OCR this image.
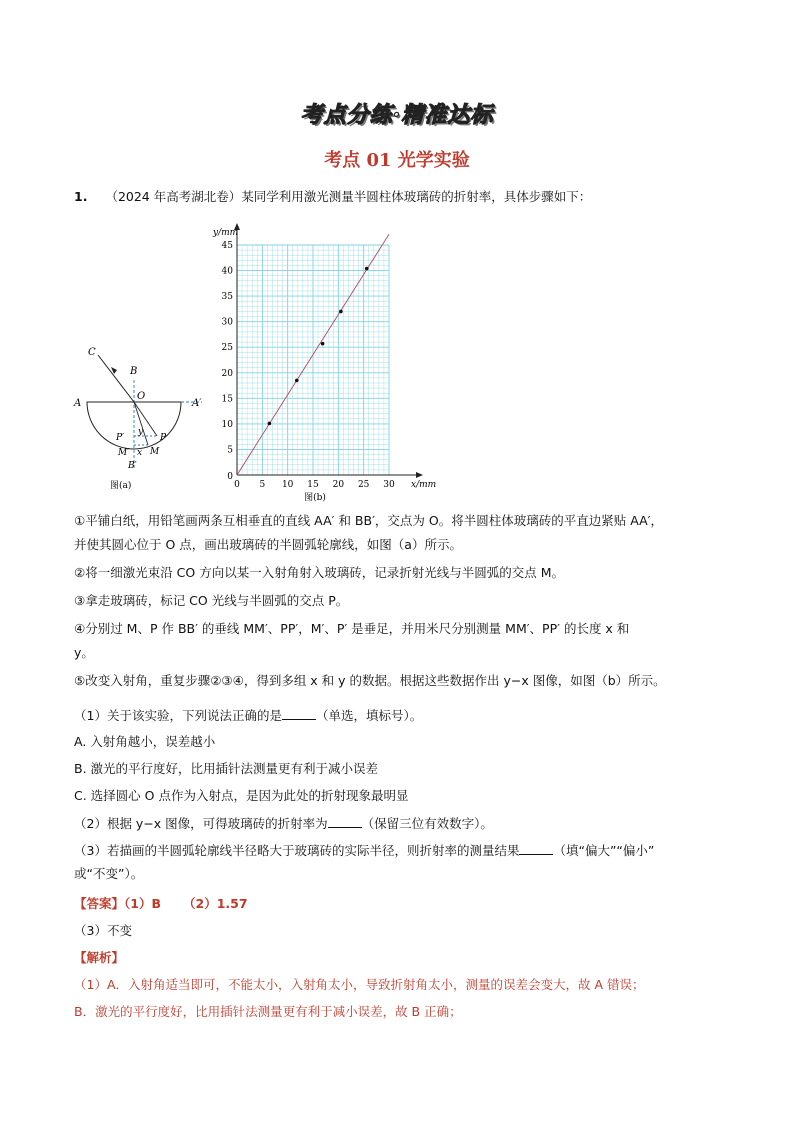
考点分练·精准达标
考点 01 光学实验
1. （2024 年高考湖北卷）某同学利用激光测量半圆柱体玻璃砖的折射率，具体步骤如下：
C
B
O
A	A′
P′
y
P
M′ x M
B′
图(a)	0 5 10 15 20 25 30
5
10
15
20
25
30
35
40
45
0
x/mm
y/mm
图(b)
①平铺白纸，用铅笔画两条互相垂直的直线 AA′ 和 BB′，交点为 O。将半圆柱体玻璃砖的平直边紧贴 AA′，
并使其圆心位于 O 点，画出玻璃砖的半圆弧轮廓线，如图（a）所示。
②将一细激光束沿 CO 方向以某一入射角射入玻璃砖，记录折射光线与半圆弧的交点 M。
③拿走玻璃砖，标记 CO 光线与半圆弧的交点 P。
④分别过 M、P 作 BB′ 的垂线 MM′、PP′，M′、P′ 是垂足，并用米尺分别测量 MM′、PP′ 的长度 x 和
y。
⑤改变入射角，重复步骤②③④，得到多组 x 和 y 的数据。根据这些数据作出 y−x 图像，如图（b）所示。
（1）关于该实验，下列说法正确的是	（单选，填标号）。
A. 入射角越小，误差越小
B. 激光的平行度好，比用插针法测量更有利于减小误差
C. 选择圆心 O 点作为入射点，是因为此处的折射现象最明显
（2）根据 y−x 图像，可得玻璃砖的折射率为	（保留三位有效数字）。
（3）若描画的半圆弧轮廓线半径略大于玻璃砖的实际半径，则折射率的测量结果	（填“偏大”“偏小”
或“不变”）。
【答案】（1）B （2）1.57
（3）不变
【解析】
（1）A．入射角适当即可，不能太小，入射角太小，导致折射角太小，测量的误差会变大，故 A 错误；
B．激光的平行度好，比用插针法测量更有利于减小误差，故 B 正确；
